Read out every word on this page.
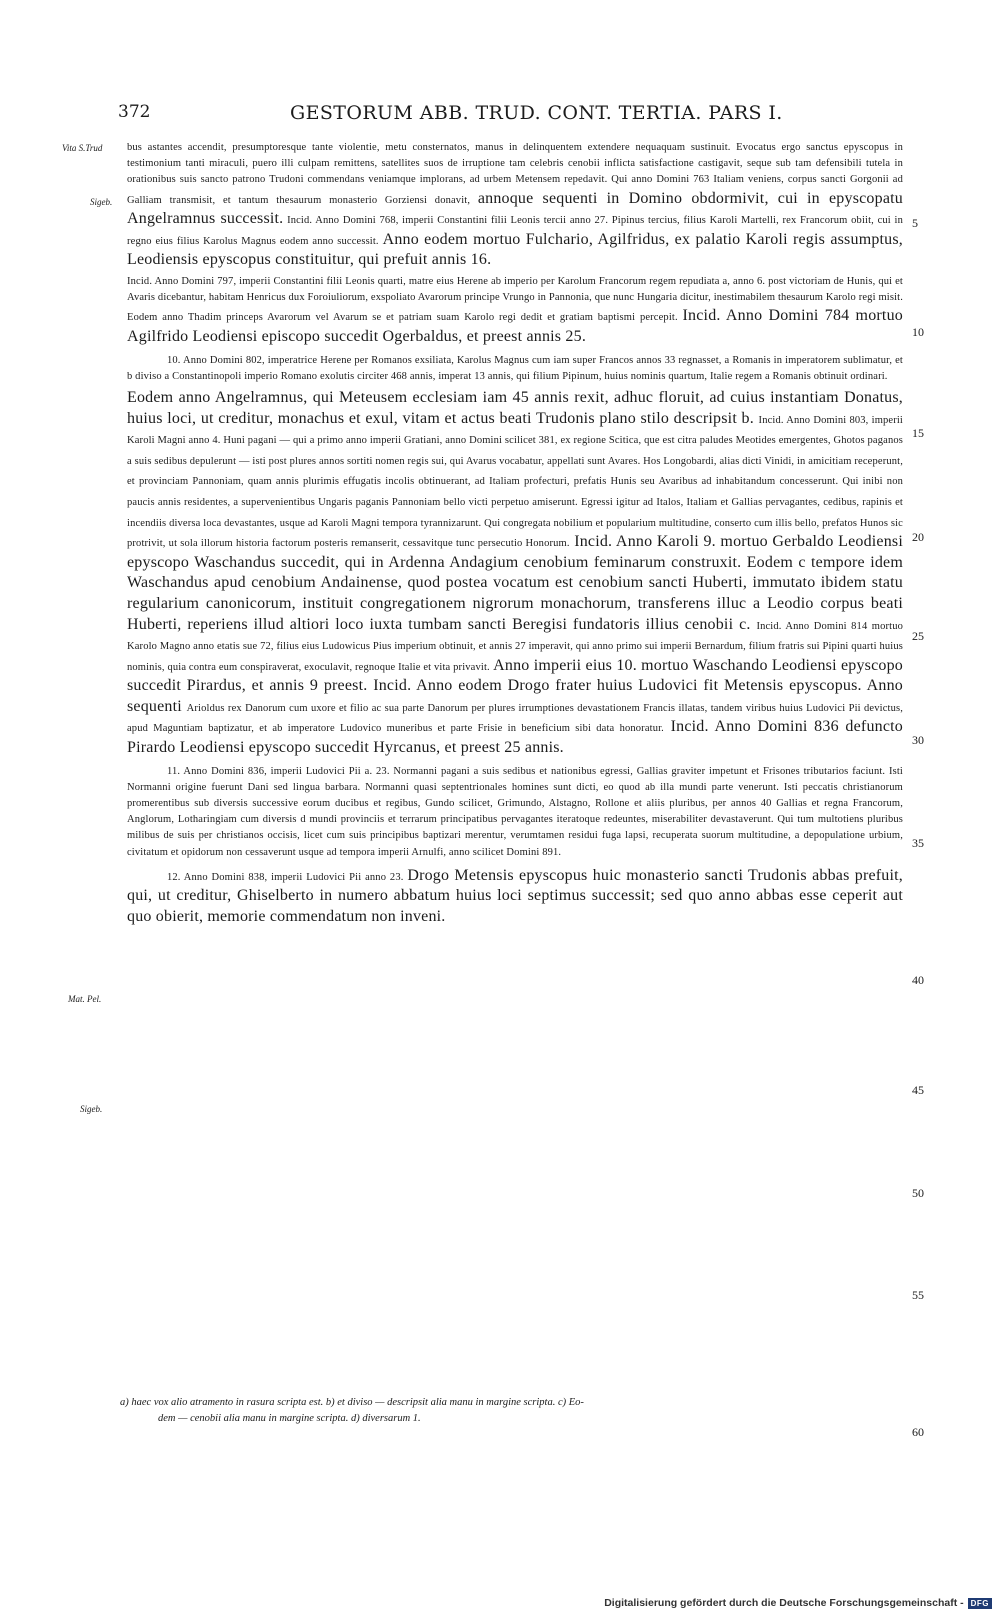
372	GESTORUM ABB. TRUD. CONT. TERTIA. PARS I.
Vita S.Trud
Sigeb.
Mat. Pel.
Sigeb.
5
10
15
20
25
30
35
40
45
50
55
60

bus astantes accendit, presumptoresque tante violentie, metu consternatos, manus in delinquentem extendere nequaquam sustinuit. Evocatus ergo sanctus epyscopus in testimonium tanti miraculi, puero illi culpam remittens, satellites suos de irruptione tam celebris cenobii inflicta satisfactione castigavit, seque sub tam defensibili tutela in orationibus suis sancto patrono Trudoni commendans veniamque implorans, ad urbem Metensem repedavit. Qui anno Domini 763 Italiam veniens, corpus sancti Gorgonii ad Galliam transmisit, et tantum thesaurum monasterio Gorziensi donavit, annoque sequenti in Domino obdormivit, cui in epyscopatu Angelramnus successit. Incid. Anno Domini 768, imperii Constantini filii Leonis tercii anno 27. Pipinus tercius, filius Karoli Martelli, rex Francorum obiit, cui in regno eius filius Karolus Magnus eodem anno successit. Anno eodem mortuo Fulchario, Agilfridus, ex palatio Karoli regis assumptus, Leodiensis epyscopus constituitur, qui prefuit annis 16.

Incid. Anno Domini 797, imperii Constantini filii Leonis quarti, matre eius Herene ab imperio per Karolum Francorum regem repudiata a, anno 6. post victoriam de Hunis, qui et Avaris dicebantur, habitam Henricus dux Foroiuliorum, exspoliato Avarorum principe Vrungo in Pannonia, que nunc Hungaria dicitur, inestimabilem thesaurum Karolo regi misit. Eodem anno Thadim princeps Avarorum vel Avarum se et patriam suam Karolo regi dedit et gratiam baptismi percepit. Incid. Anno Domini 784 mortuo Agilfrido Leodiensi episcopo succedit Ogerbaldus, et preest annis 25.

10. Anno Domini 802, imperatrice Herene per Romanos exsiliata, Karolus Magnus cum iam super Francos annos 33 regnasset, a Romanis in imperatorem sublimatur, et b diviso a Constantinopoli imperio Romano exolutis circiter 468 annis, imperat 13 annis, qui filium Pipinum, huius nominis quartum, Italie regem a Romanis obtinuit ordinari.

Eodem anno Angelramnus, qui Meteusem ecclesiam iam 45 annis rexit, adhuc floruit, ad cuius instantiam Donatus, huius loci, ut creditur, monachus et exul, vitam et actus beati Trudonis plano stilo descripsit b. Incid. Anno Domini 803, imperii Karoli Magni anno 4. Huni pagani — qui a primo anno imperii Gratiani, anno Domini scilicet 381, ex regione Scitica, que est citra paludes Meotides emergentes, Ghotos paganos a suis sedibus depulerunt — isti post plures annos sortiti nomen regis sui, qui Avarus vocabatur, appellati sunt Avares. Hos Longobardi, alias dicti Vinidi, in amicitiam receperunt, et provinciam Pannoniam, quam annis plurimis effugatis incolis obtinuerant, ad Italiam profecturi, prefatis Hunis seu Avaribus ad inhabitandum concesserunt. Qui inibi non paucis annis residentes, a supervenientibus Ungaris paganis Pannoniam bello victi perpetuo amiserunt. Egressi igitur ad Italos, Italiam et Gallias pervagantes, cedibus, rapinis et incendiis diversa loca devastantes, usque ad Karoli Magni tempora tyrannizarunt. Qui congregata nobilium et popularium multitudine, conserto cum illis bello, prefatos Hunos sic protrivit, ut sola illorum historia factorum posteris remanserit, cessavitque tunc persecutio Honorum. Incid. Anno Karoli 9. mortuo Gerbaldo Leodiensi epyscopo Waschandus succedit, qui in Ardenna Andagium cenobium feminarum construxit. Eodem c tempore idem Waschandus apud cenobium Andainense, quod postea vocatum est cenobium sancti Huberti, immutato ibidem statu regularium canonicorum, instituit congregationem nigrorum monachorum, transferens illuc a Leodio corpus beati Huberti, reperiens illud altiori loco iuxta tumbam sancti Beregisi fundatoris illius cenobii c. Incid. Anno Domini 814 mortuo Karolo Magno anno etatis sue 72, filius eius Ludowicus Pius imperium obtinuit, et annis 27 imperavit, qui anno primo sui imperii Bernardum, filium fratris sui Pipini quarti huius nominis, quia contra eum conspiraverat, exoculavit, regnoque Italie et vita privavit. Anno imperii eius 10. mortuo Waschando Leodiensi epyscopo succedit Pirardus, et annis 9 preest. Incid. Anno eodem Drogo frater huius Ludovici fit Metensis epyscopus. Anno sequenti Arioldus rex Danorum cum uxore et filio ac sua parte Danorum per plures irrumptiones devastationem Francis illatas, tandem viribus huius Ludovici Pii devictus, apud Maguntiam baptizatur, et ab imperatore Ludovico muneribus et parte Frisie in beneficium sibi data honoratur. Incid. Anno Domini 836 defuncto Pirardo Leodiensi epyscopo succedit Hyrcanus, et preest 25 annis.

11. Anno Domini 836, imperii Ludovici Pii a. 23. Normanni pagani a suis sedibus et nationibus egressi, Gallias graviter impetunt et Frisones tributarios faciunt. Isti Normanni origine fuerunt Dani sed lingua barbara. Normanni quasi septentrionales homines sunt dicti, eo quod ab illa mundi parte venerunt. Isti peccatis christianorum promerentibus sub diversis successive eorum ducibus et regibus, Gundo scilicet, Grimundo, Alstagno, Rollone et aliis pluribus, per annos 40 Gallias et regna Francorum, Anglorum, Lotharingiam cum diversis d mundi provinciis et terrarum principatibus pervagantes iteratoque redeuntes, miserabiliter devastaverunt. Qui tum multotiens pluribus milibus de suis per christianos occisis, licet cum suis principibus baptizari merentur, verumtamen residui fuga lapsi, recuperata suorum multitudine, a depopulatione urbium, civitatum et opidorum non cessaverunt usque ad tempora imperii Arnulfi, anno scilicet Domini 891.

12. Anno Domini 838, imperii Ludovici Pii anno 23. Drogo Metensis epyscopus huic monasterio sancti Trudonis abbas prefuit, qui, ut creditur, Ghiselberto in numero abbatum huius loci septimus successit; sed quo anno abbas esse ceperit aut quo obierit, memorie commendatum non inveni.

a) haec vox alio atramento in rasura scripta est. b) et diviso — descripsit alia manu in margine scripta. c) Eo-
dem — cenobii alia manu in margine scripta. d) diversarum 1.
Digitalisierung gefördert durch die Deutsche Forschungsgemeinschaft - DFG
